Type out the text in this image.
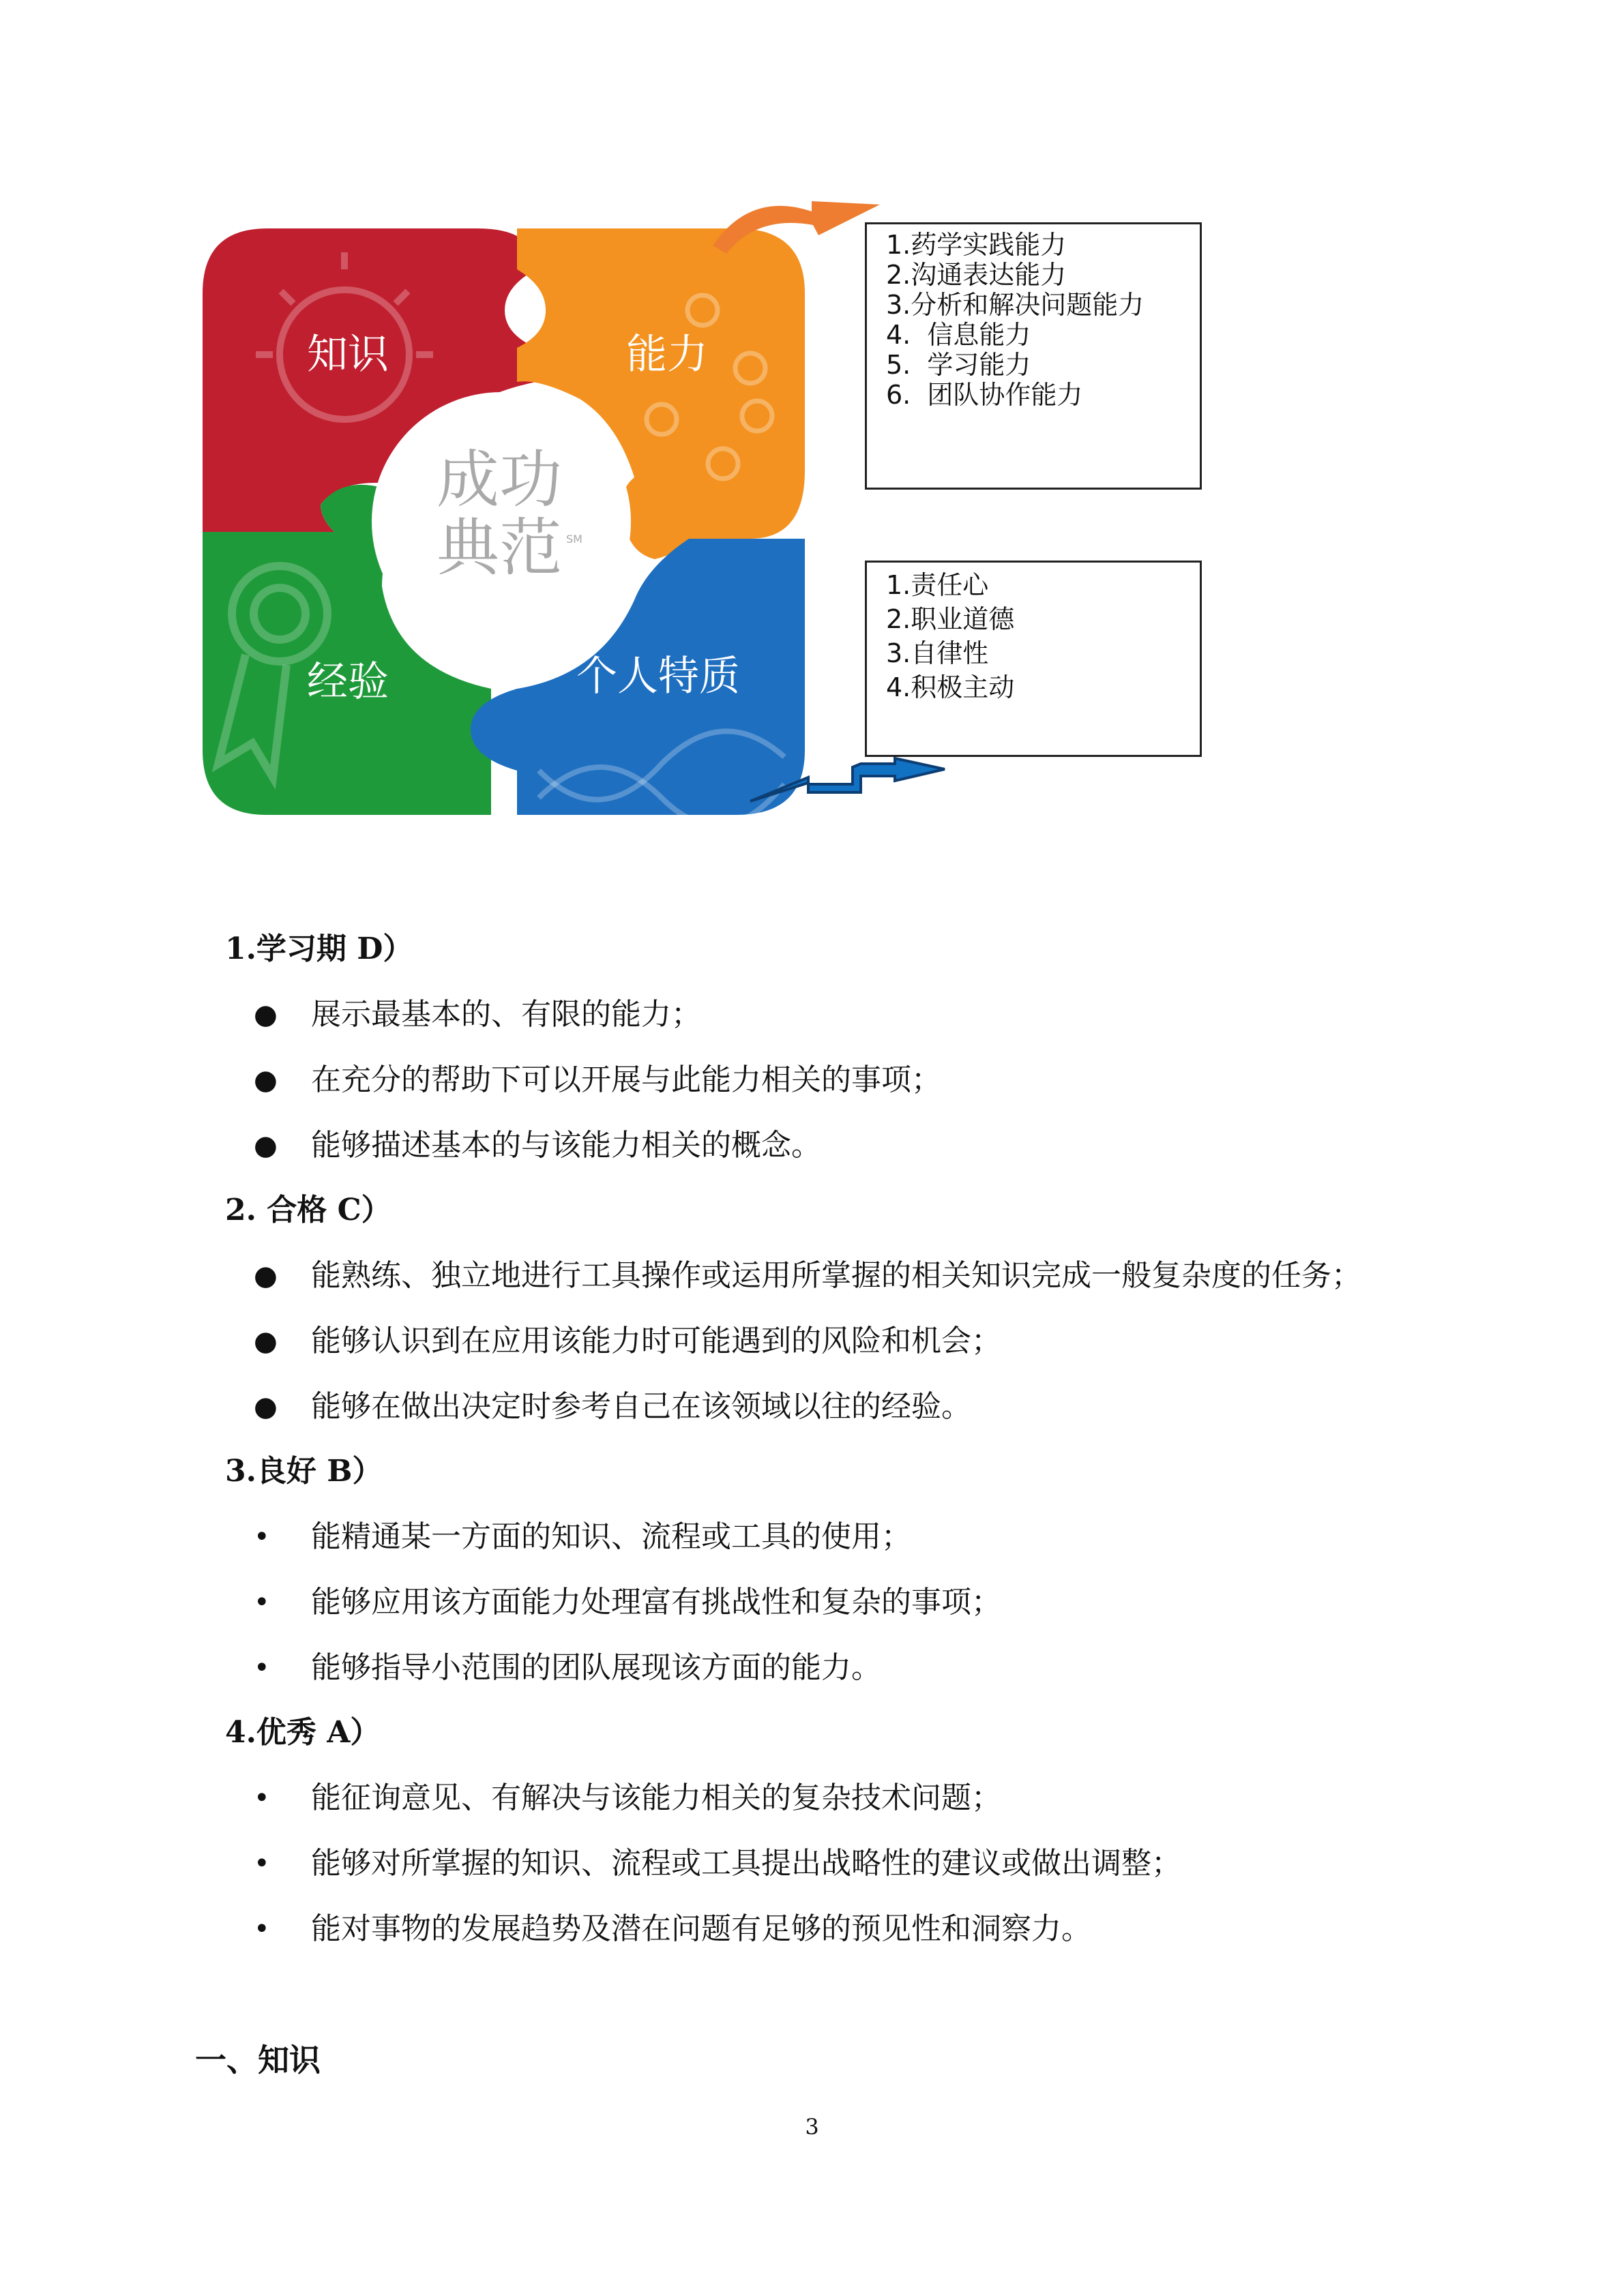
成功
典范 SM
知识	能力
经验	个人特质
1.药学实践能力
2.沟通表达能力
3.分析和解决问题能力
4.  信息能力
5.  学习能力
6.  团队协作能力
1.责任心
2.职业道德
3.自律性
4.积极主动
1.学习期 D）
● 展示最基本的、有限的能力；
● 在充分的帮助下可以开展与此能力相关的事项；
● 能够描述基本的与该能力相关的概念。
2. 合格 C）
● 能熟练、独立地进行工具操作或运用所掌握的相关知识完成一般复杂度的任务；
● 能够认识到在应用该能力时可能遇到的风险和机会；
● 能够在做出决定时参考自己在该领域以往的经验。
3.良好 B）
• 能精通某一方面的知识、流程或工具的使用；
• 能够应用该方面能力处理富有挑战性和复杂的事项；
• 能够指导小范围的团队展现该方面的能力。
4.优秀 A）
• 能征询意见、有解决与该能力相关的复杂技术问题；
• 能够对所掌握的知识、流程或工具提出战略性的建议或做出调整；
• 能对事物的发展趋势及潜在问题有足够的预见性和洞察力。
一、知识
3
